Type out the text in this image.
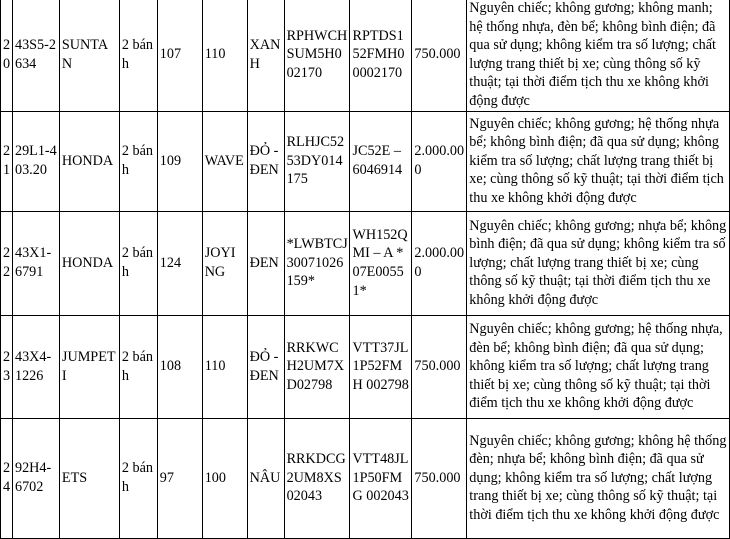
20	43S5-2634	SUNTAN	2 bánh	107	110	XANH	RPHWCHSUM5H002170	RPTDS152FMH00002170	750.000	Nguyên chiếc; không gương; không manh; hệ thống nhựa, đèn bể; không bình điện; đã qua sử dụng; không kiểm tra số lượng; chất lượng trang thiết bị xe; cùng thông số kỹ thuật; tại thời điểm tịch thu xe không khởi động được
21	29L1-403.20	HONDA	2 bánh	109	WAVE	ĐỎ - ĐEN	RLHJC5253DY014175	JC52E – 6046914	2.000.000	Nguyên chiếc; không gương; hệ thống nhựa bể; không bình điện; đã qua sử dụng; không kiểm tra số lượng; chất lượng trang thiết bị xe; cùng thông số kỹ thuật; tại thời điểm tịch thu xe không khởi động được
22	43X1-6791	HONDA	2 bánh	124	JOYING	ĐEN	*LWBTCJ30071026159*	WH152QMI – A *07E00551*	2.000.000	Nguyên chiếc; không gương; nhựa bể; không bình điện; đã qua sử dụng; không kiểm tra số lượng; chất lượng trang thiết bị xe; cùng thông số kỹ thuật; tại thời điểm tịch thu xe không khởi động được
23	43X4-1226	JUMPETI	2 bánh	108	110	ĐỎ - ĐEN	RRKWCH2UM7XD02798	VTT37JL1P52FMH 002798	750.000	Nguyên chiếc; không gương; hệ thống nhựa, đèn bể; không bình điện; đã qua sử dụng; không kiểm tra số lượng; chất lượng trang thiết bị xe; cùng thông số kỹ thuật; tại thời điểm tịch thu xe không khởi động được
24	92H4-6702	ETS	2 bánh	97	100	NÂU	RRKDCG2UM8XS02043	VTT48JL1P50FMG 002043	750.000	Nguyên chiếc; không gương; không hệ thống đèn; nhựa bể; không bình điện; đã qua sử dụng; không kiểm tra số lượng; chất lượng trang thiết bị xe; cùng thông số kỹ thuật; tại thời điểm tịch thu xe không khởi động được
